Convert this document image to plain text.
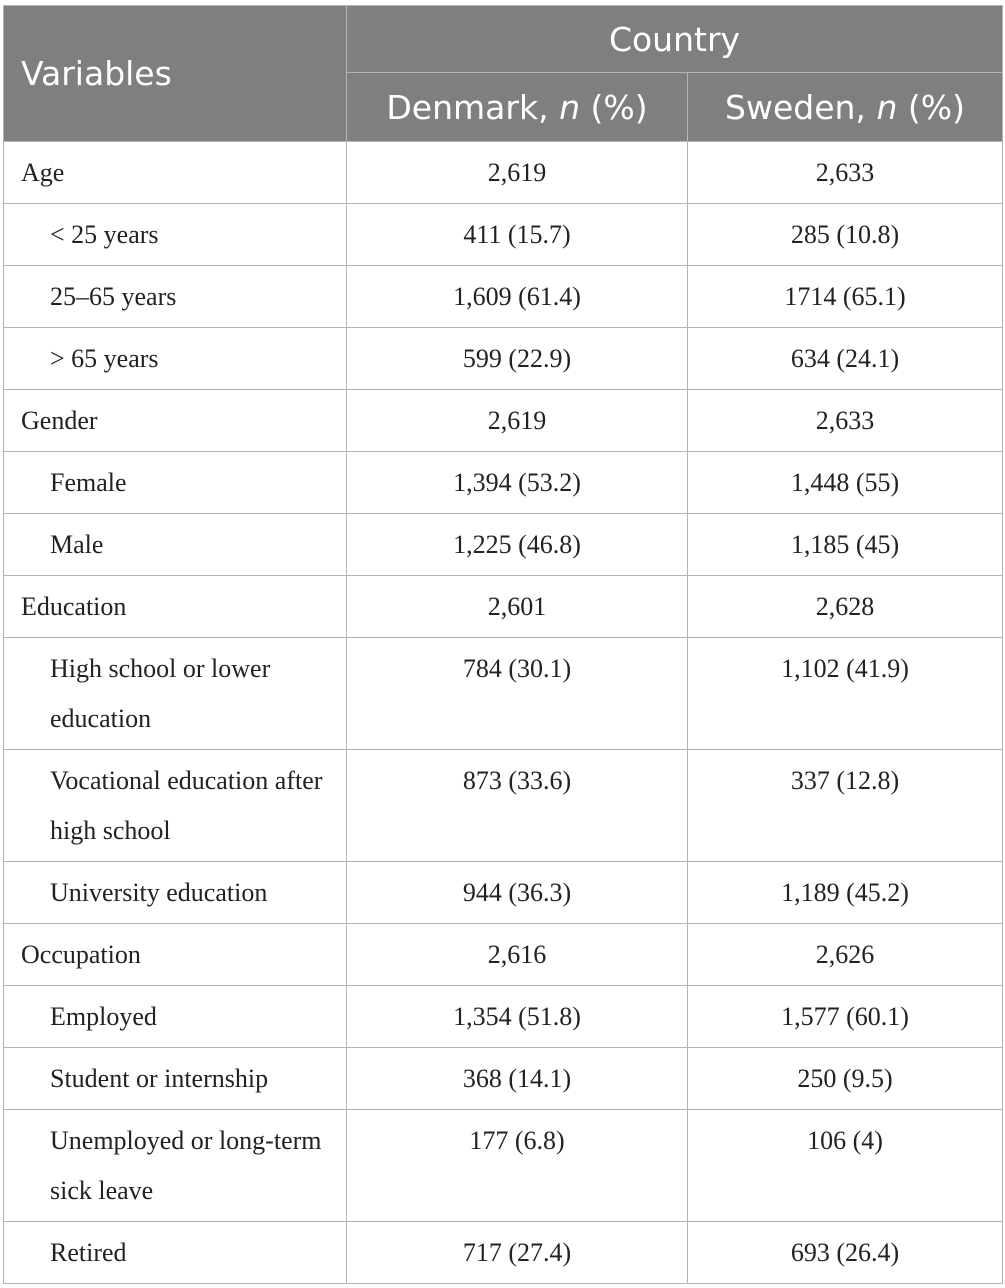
Variables	Country	
	Denmark, n (%)	Sweden, n (%)
Age	2,619	2,633
< 25 years	411 (15.7)	285 (10.8)
25–65 years	1,609 (61.4)	1714 (65.1)
> 65 years	599 (22.9)	634 (24.1)
Gender	2,619	2,633
Female	1,394 (53.2)	1,448 (55)
Male	1,225 (46.8)	1,185 (45)
Education	2,601	2,628
High school or lower education	784 (30.1)	1,102 (41.9)
Vocational education after high school	873 (33.6)	337 (12.8)
University education	944 (36.3)	1,189 (45.2)
Occupation	2,616	2,626
Employed	1,354 (51.8)	1,577 (60.1)
Student or internship	368 (14.1)	250 (9.5)
Unemployed or long-term sick leave	177 (6.8)	106 (4)
Retired	717 (27.4)	693 (26.4)
